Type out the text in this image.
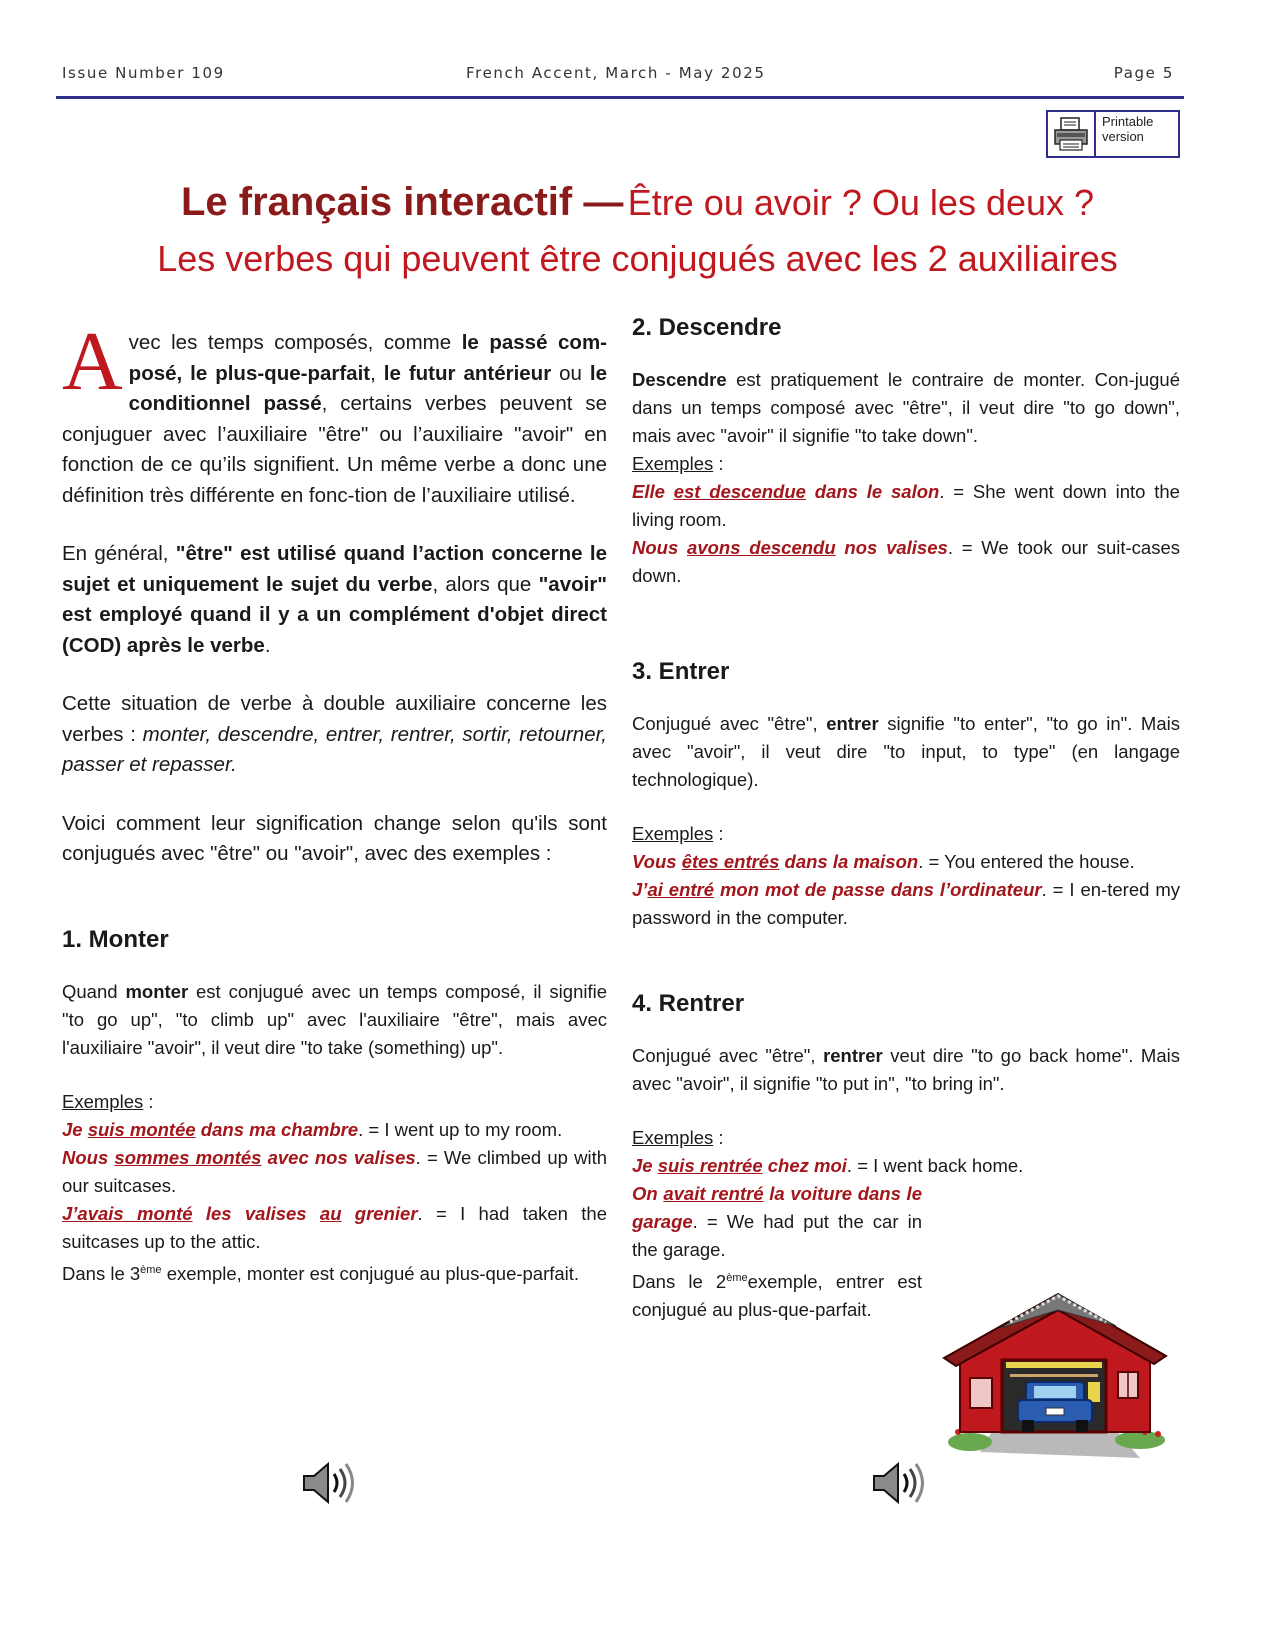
Issue Number 109	French Accent, March - May 2025	Page 5
Printable
version
Le français interactif — Être ou avoir ? Ou les deux ?
Les verbes qui peuvent être conjugués avec les 2 auxiliaires

Avec les temps composés, comme le passé com-posé, le plus-que-parfait, le futur antérieur ou le conditionnel passé, certains verbes peuvent se conjuguer avec l’auxiliaire "être" ou l’auxiliaire "avoir" en fonction de ce qu’ils signifient. Un même verbe a donc une définition très différente en fonc-tion de l’auxiliaire utilisé.

En général, "être" est utilisé quand l’action concerne le sujet et uniquement le sujet du verbe, alors que "avoir" est employé quand il y a un complément d'objet direct (COD) après le verbe.

Cette situation de verbe à double auxiliaire concerne les verbes : monter, descendre, entrer, rentrer, sortir, retourner, passer et repasser.

Voici comment leur signification change selon qu'ils sont conjugués avec "être" ou "avoir", avec des exemples :

1. Monter

Quand monter est conjugué avec un temps composé, il signifie "to go up", "to climb up" avec l'auxiliaire "être", mais avec l'auxiliaire "avoir", il veut dire "to take (something) up".

Exemples :
Je suis montée dans ma chambre. = I went up to my room.
Nous sommes montés avec nos valises. = We climbed up with our suitcases.
J’avais monté les valises au grenier. = I had taken the suitcases up to the attic.
Dans le 3ème exemple, monter est conjugué au plus-que-parfait.

2. Descendre

Descendre est pratiquement le contraire de monter. Con-jugué dans un temps composé avec "être", il veut dire "to go down", mais avec "avoir" il signifie "to take down".
Exemples :
Elle est descendue dans le salon. = She went down into the living room.
Nous avons descendu nos valises. = We took our suit-cases down.

3. Entrer

Conjugué avec "être", entrer signifie "to enter", "to go in". Mais avec "avoir", il veut dire "to input, to type" (en langage technologique).

Exemples :
Vous êtes entrés dans la maison. = You entered the house.
J’ai entré mon mot de passe dans l’ordinateur. = I en-tered my password in the computer.

4. Rentrer

Conjugué avec "être", rentrer veut dire "to go back home". Mais avec "avoir", il signifie "to put in", "to bring in".

Exemples :
Je suis rentrée chez moi. = I went back home.

On avait rentré la voiture dans le garage. = We had put the car in the garage.
Dans le 2èmeexemple, entrer est conjugué au plus-que-parfait.
